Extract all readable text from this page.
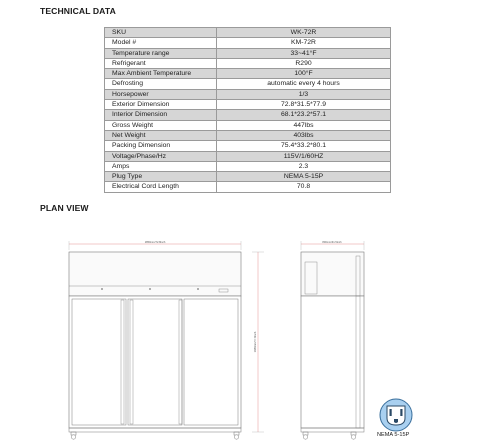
TECHNICAL DATA
SKU	WK-72R
Model #	KM-72R
Temperature range	33~41°F
Refrigerant	R290
Max Ambient Temperature	100°F
Defrosting	automatic every 4 hours
Horsepower	1/3
Exterior Dimension	72.8*31.5*77.9
Interior Dimension	68.1*23.2*57.1
Gross Weight	447lbs
Net Weight	403lbs
Packing Dimension	75.4*33.2*80.1
Voltage/Phase/Hz	115V/1/60HZ
Amps	2.3
Plug Type	NEMA 5-15P
Electrical Cord Length	70.8
PLAN VIEW
1850mm/72.8inch
1980mm/77.9inch
800mm/31.5inch

NEMA 5-15P
